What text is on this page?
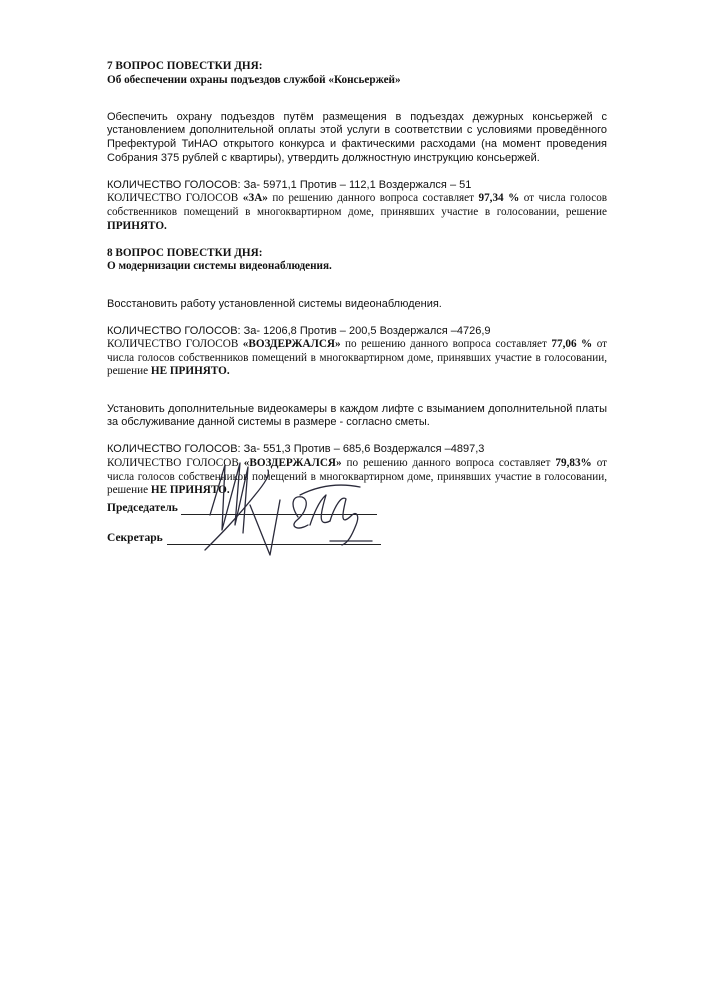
7 ВОПРОС ПОВЕСТКИ ДНЯ:
Об обеспечении охраны подъездов службой «Консьержей»

Обеспечить охрану подъездов путём размещения в подъездах дежурных консьержей с установлением дополнительной оплаты этой услуги в соответствии с условиями проведённого Префектурой ТиНАО открытого конкурса и фактическими расходами (на момент проведения Собрания 375 рублей с квартиры), утвердить должностную инструкцию консьержей.

КОЛИЧЕСТВО ГОЛОСОВ: За- 5971,1 Против – 112,1 Воздержался – 51

КОЛИЧЕСТВО ГОЛОСОВ «ЗА» по решению данного вопроса составляет 97,34 % от числа голосов собственников помещений в многоквартирном доме, принявших участие в голосовании, решение ПРИНЯТО.

8 ВОПРОС ПОВЕСТКИ ДНЯ:
О модернизации системы видеонаблюдения.

Восстановить работу установленной системы видеонаблюдения.

КОЛИЧЕСТВО ГОЛОСОВ: За- 1206,8 Против – 200,5 Воздержался –4726,9

КОЛИЧЕСТВО ГОЛОСОВ «ВОЗДЕРЖАЛСЯ» по решению данного вопроса составляет 77,06 % от числа голосов собственников помещений в многоквартирном доме, принявших участие в голосовании, решение НЕ ПРИНЯТО.

Установить дополнительные видеокамеры в каждом лифте с взыманием дополнительной платы за обслуживание данной системы в размере - согласно сметы.

КОЛИЧЕСТВО ГОЛОСОВ: За- 551,3 Против – 685,6 Воздержался –4897,3

КОЛИЧЕСТВО ГОЛОСОВ «ВОЗДЕРЖАЛСЯ» по решению данного вопроса составляет 79,83% от числа голосов собственников помещений в многоквартирном доме, принявших участие в голосовании, решение НЕ ПРИНЯТО.

Председатель
Секретарь
